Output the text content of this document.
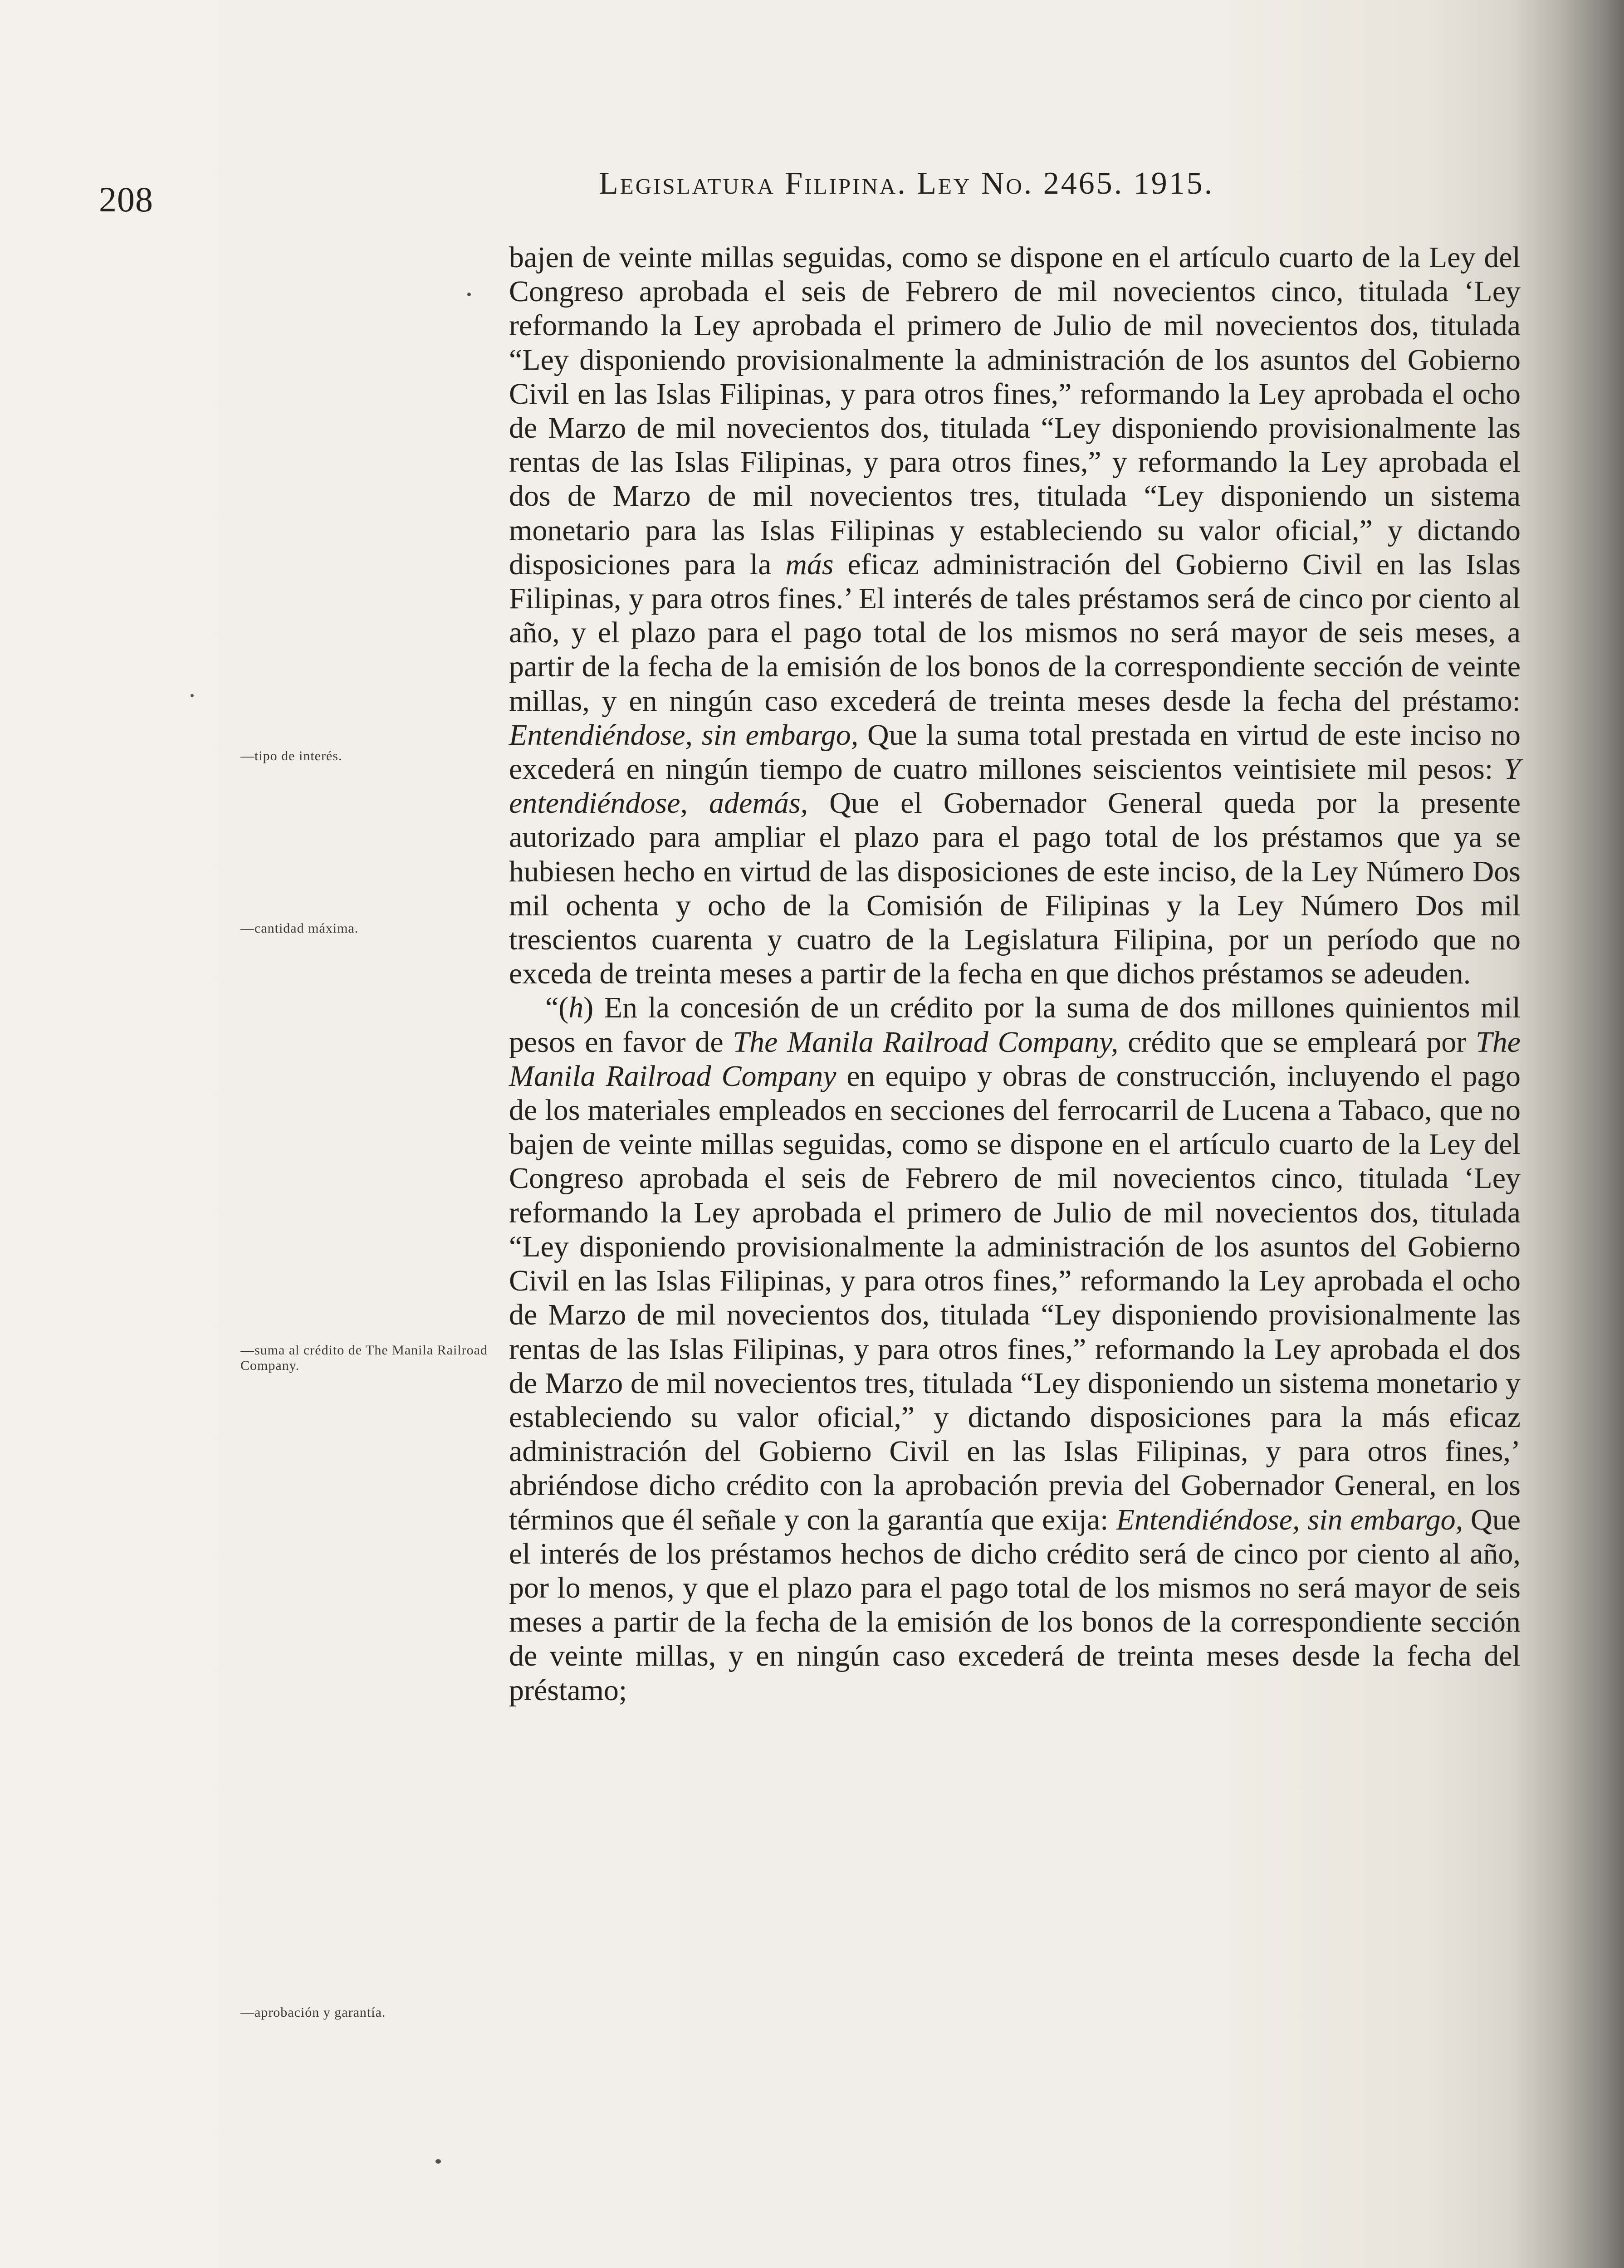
208	Legislatura Filipina. Ley No. 2465. 1915.
—tipo de interés.
—cantidad máxima.
—suma al crédito de The Manila Railroad Company.
—aprobación y garantía.

bajen de veinte millas seguidas, como se dispone en el artículo cuarto de la Ley del Congreso aprobada el seis de Febrero de mil novecientos cinco, titulada ‘Ley reformando la Ley aprobada el primero de Julio de mil novecientos dos, titulada “Ley disponiendo provisionalmente la administración de los asuntos del Gobierno Civil en las Islas Filipinas, y para otros fines,” reformando la Ley aprobada el ocho de Marzo de mil novecientos dos, titulada “Ley disponiendo provisionalmente las rentas de las Islas Filipinas, y para otros fines,” y reformando la Ley aprobada el dos de Marzo de mil novecientos tres, titulada “Ley disponiendo un sistema monetario para las Islas Filipinas y estableciendo su valor oficial,” y dictando disposiciones para la más eficaz administración del Gobierno Civil en las Islas Filipinas, y para otros fines.’ El interés de tales préstamos será de cinco por ciento al año, y el plazo para el pago total de los mismos no será mayor de seis meses, a partir de la fecha de la emisión de los bonos de la correspondiente sección de veinte millas, y en ningún caso excederá de treinta meses desde la fecha del préstamo: Entendiéndose, sin embargo, Que la suma total prestada en virtud de este inciso no excederá en ningún tiempo de cuatro millones seiscientos veintisiete mil pesos: Y entendiéndose, además, Que el Gobernador General queda por la presente autorizado para ampliar el plazo para el pago total de los préstamos que ya se hubiesen hecho en virtud de las disposiciones de este inciso, de la Ley Número Dos mil ochenta y ocho de la Comisión de Filipinas y la Ley Número Dos mil trescientos cuarenta y cuatro de la Legislatura Filipina, por un período que no exceda de treinta meses a partir de la fecha en que dichos préstamos se adeuden.

“(h) En la concesión de un crédito por la suma de dos millones quinientos mil pesos en favor de The Manila Railroad Company, crédito que se empleará por The Manila Railroad Company en equipo y obras de construcción, incluyendo el pago de los materiales empleados en secciones del ferrocarril de Lucena a Tabaco, que no bajen de veinte millas seguidas, como se dispone en el artículo cuarto de la Ley del Congreso aprobada el seis de Febrero de mil novecientos cinco, titulada ‘Ley reformando la Ley aprobada el primero de Julio de mil novecientos dos, titulada “Ley disponiendo provisionalmente la administración de los asuntos del Gobierno Civil en las Islas Filipinas, y para otros fines,” reformando la Ley aprobada el ocho de Marzo de mil novecientos dos, titulada “Ley disponiendo provisionalmente las rentas de las Islas Filipinas, y para otros fines,” reformando la Ley aprobada el dos de Marzo de mil novecientos tres, titulada “Ley disponiendo un sistema monetario y estableciendo su valor oficial,” y dictando disposiciones para la más eficaz administración del Gobierno Civil en las Islas Filipinas, y para otros fines,’ abriéndose dicho crédito con la aprobación previa del Gobernador General, en los términos que él señale y con la garantía que exija: Entendiéndose, sin embargo, Que el interés de los préstamos hechos de dicho crédito será de cinco por ciento al año, por lo menos, y que el plazo para el pago total de los mismos no será mayor de seis meses a partir de la fecha de la emisión de los bonos de la correspondiente sección de veinte millas, y en ningún caso excederá de treinta meses desde la fecha del préstamo;
